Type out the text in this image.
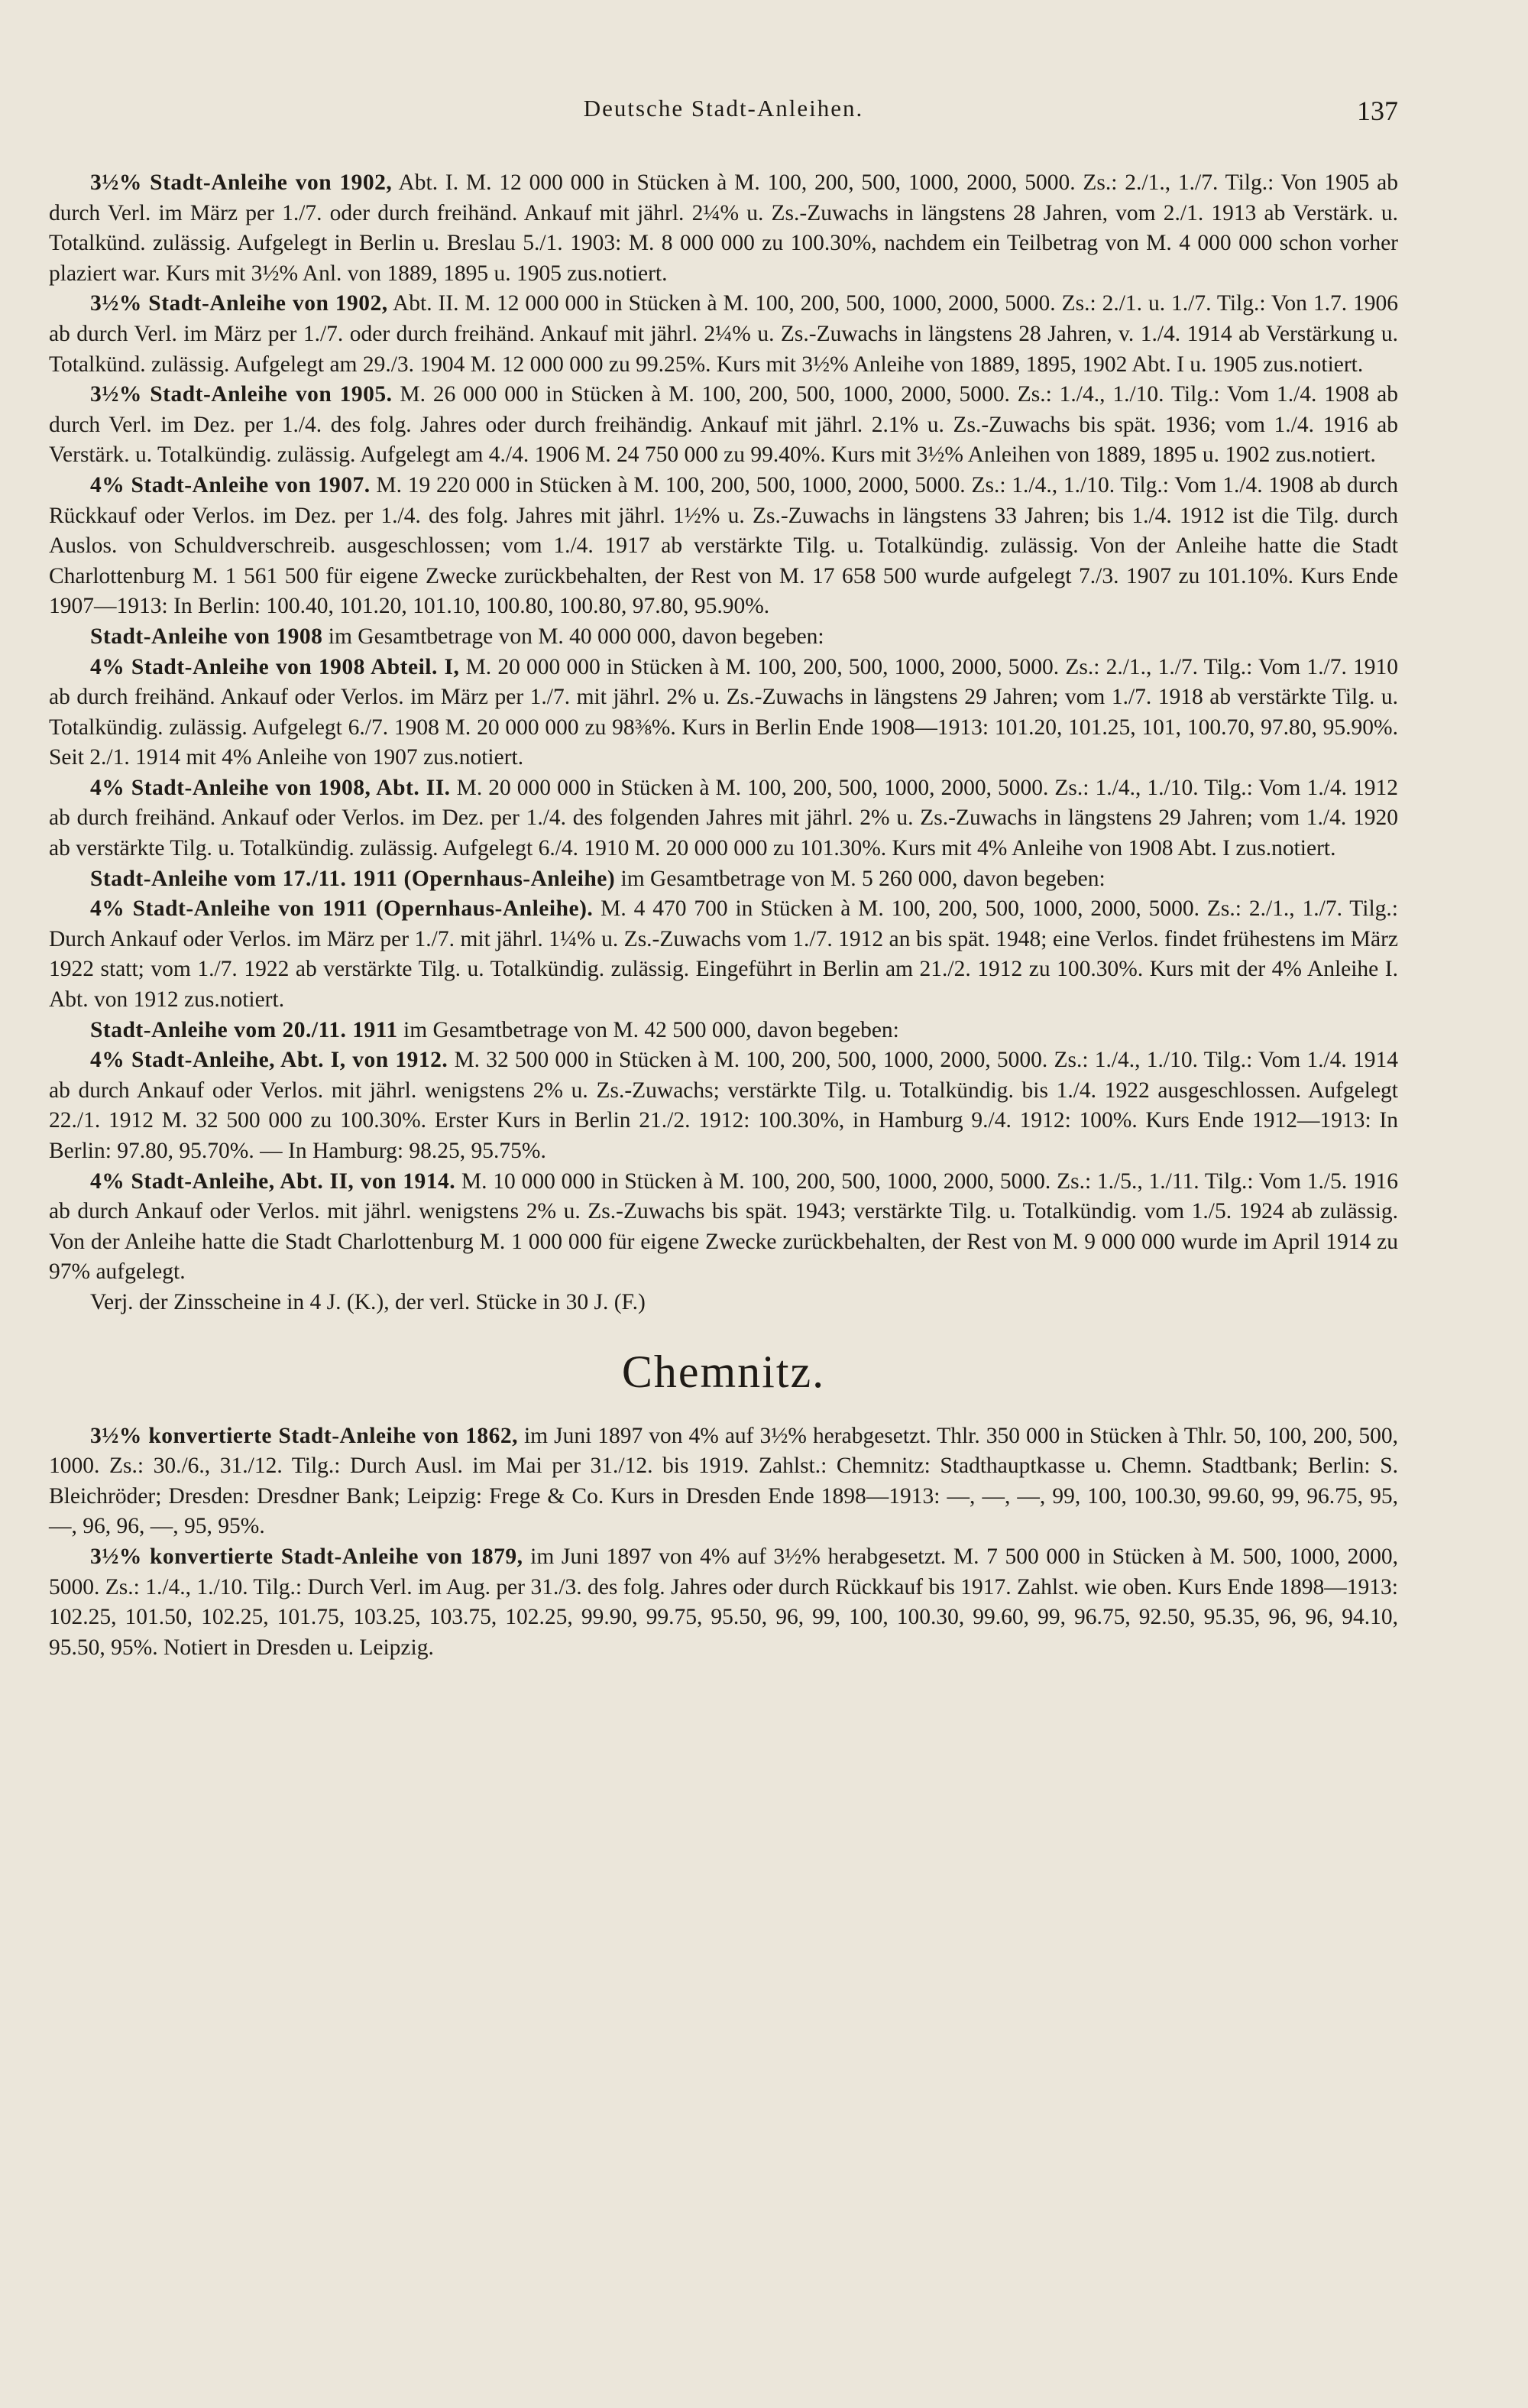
Deutsche Stadt-Anleihen.	137

3½% Stadt-Anleihe von 1902, Abt. I. M. 12 000 000 in Stücken à M. 100, 200, 500, 1000, 2000, 5000. Zs.: 2./1., 1./7. Tilg.: Von 1905 ab durch Verl. im März per 1./7. oder durch freihänd. Ankauf mit jährl. 2¼% u. Zs.-Zuwachs in längstens 28 Jahren, vom 2./1. 1913 ab Verstärk. u. Totalkünd. zulässig. Aufgelegt in Berlin u. Breslau 5./1. 1903: M. 8 000 000 zu 100.30%, nachdem ein Teilbetrag von M. 4 000 000 schon vorher plaziert war. Kurs mit 3½% Anl. von 1889, 1895 u. 1905 zus.notiert.

3½% Stadt-Anleihe von 1902, Abt. II. M. 12 000 000 in Stücken à M. 100, 200, 500, 1000, 2000, 5000. Zs.: 2./1. u. 1./7. Tilg.: Von 1.7. 1906 ab durch Verl. im März per 1./7. oder durch freihänd. Ankauf mit jährl. 2¼% u. Zs.-Zuwachs in längstens 28 Jahren, v. 1./4. 1914 ab Verstärkung u. Totalkünd. zulässig. Aufgelegt am 29./3. 1904 M. 12 000 000 zu 99.25%. Kurs mit 3½% Anleihe von 1889, 1895, 1902 Abt. I u. 1905 zus.notiert.

3½% Stadt-Anleihe von 1905. M. 26 000 000 in Stücken à M. 100, 200, 500, 1000, 2000, 5000. Zs.: 1./4., 1./10. Tilg.: Vom 1./4. 1908 ab durch Verl. im Dez. per 1./4. des folg. Jahres oder durch freihändig. Ankauf mit jährl. 2.1% u. Zs.-Zuwachs bis spät. 1936; vom 1./4. 1916 ab Verstärk. u. Totalkündig. zulässig. Aufgelegt am 4./4. 1906 M. 24 750 000 zu 99.40%. Kurs mit 3½% Anleihen von 1889, 1895 u. 1902 zus.notiert.

4% Stadt-Anleihe von 1907. M. 19 220 000 in Stücken à M. 100, 200, 500, 1000, 2000, 5000. Zs.: 1./4., 1./10. Tilg.: Vom 1./4. 1908 ab durch Rückkauf oder Verlos. im Dez. per 1./4. des folg. Jahres mit jährl. 1½% u. Zs.-Zuwachs in längstens 33 Jahren; bis 1./4. 1912 ist die Tilg. durch Auslos. von Schuldverschreib. ausgeschlossen; vom 1./4. 1917 ab verstärkte Tilg. u. Totalkündig. zulässig. Von der Anleihe hatte die Stadt Charlottenburg M. 1 561 500 für eigene Zwecke zurückbehalten, der Rest von M. 17 658 500 wurde aufgelegt 7./3. 1907 zu 101.10%. Kurs Ende 1907—1913: In Berlin: 100.40, 101.20, 101.10, 100.80, 100.80, 97.80, 95.90%.

Stadt-Anleihe von 1908 im Gesamtbetrage von M. 40 000 000, davon begeben:

4% Stadt-Anleihe von 1908 Abteil. I, M. 20 000 000 in Stücken à M. 100, 200, 500, 1000, 2000, 5000. Zs.: 2./1., 1./7. Tilg.: Vom 1./7. 1910 ab durch freihänd. Ankauf oder Verlos. im März per 1./7. mit jährl. 2% u. Zs.-Zuwachs in längstens 29 Jahren; vom 1./7. 1918 ab verstärkte Tilg. u. Totalkündig. zulässig. Aufgelegt 6./7. 1908 M. 20 000 000 zu 98⅜%. Kurs in Berlin Ende 1908—1913: 101.20, 101.25, 101, 100.70, 97.80, 95.90%. Seit 2./1. 1914 mit 4% Anleihe von 1907 zus.notiert.

4% Stadt-Anleihe von 1908, Abt. II. M. 20 000 000 in Stücken à M. 100, 200, 500, 1000, 2000, 5000. Zs.: 1./4., 1./10. Tilg.: Vom 1./4. 1912 ab durch freihänd. Ankauf oder Verlos. im Dez. per 1./4. des folgenden Jahres mit jährl. 2% u. Zs.-Zuwachs in längstens 29 Jahren; vom 1./4. 1920 ab verstärkte Tilg. u. Totalkündig. zulässig. Aufgelegt 6./4. 1910 M. 20 000 000 zu 101.30%. Kurs mit 4% Anleihe von 1908 Abt. I zus.notiert.

Stadt-Anleihe vom 17./11. 1911 (Opernhaus-Anleihe) im Gesamtbetrage von M. 5 260 000, davon begeben:

4% Stadt-Anleihe von 1911 (Opernhaus-Anleihe). M. 4 470 700 in Stücken à M. 100, 200, 500, 1000, 2000, 5000. Zs.: 2./1., 1./7. Tilg.: Durch Ankauf oder Verlos. im März per 1./7. mit jährl. 1¼% u. Zs.-Zuwachs vom 1./7. 1912 an bis spät. 1948; eine Verlos. findet frühestens im März 1922 statt; vom 1./7. 1922 ab verstärkte Tilg. u. Totalkündig. zulässig. Eingeführt in Berlin am 21./2. 1912 zu 100.30%. Kurs mit der 4% Anleihe I. Abt. von 1912 zus.notiert.

Stadt-Anleihe vom 20./11. 1911 im Gesamtbetrage von M. 42 500 000, davon begeben:

4% Stadt-Anleihe, Abt. I, von 1912. M. 32 500 000 in Stücken à M. 100, 200, 500, 1000, 2000, 5000. Zs.: 1./4., 1./10. Tilg.: Vom 1./4. 1914 ab durch Ankauf oder Verlos. mit jährl. wenigstens 2% u. Zs.-Zuwachs; verstärkte Tilg. u. Totalkündig. bis 1./4. 1922 ausgeschlossen. Aufgelegt 22./1. 1912 M. 32 500 000 zu 100.30%. Erster Kurs in Berlin 21./2. 1912: 100.30%, in Hamburg 9./4. 1912: 100%. Kurs Ende 1912—1913: In Berlin: 97.80, 95.70%. — In Hamburg: 98.25, 95.75%.

4% Stadt-Anleihe, Abt. II, von 1914. M. 10 000 000 in Stücken à M. 100, 200, 500, 1000, 2000, 5000. Zs.: 1./5., 1./11. Tilg.: Vom 1./5. 1916 ab durch Ankauf oder Verlos. mit jährl. wenigstens 2% u. Zs.-Zuwachs bis spät. 1943; verstärkte Tilg. u. Totalkündig. vom 1./5. 1924 ab zulässig. Von der Anleihe hatte die Stadt Charlottenburg M. 1 000 000 für eigene Zwecke zurückbehalten, der Rest von M. 9 000 000 wurde im April 1914 zu 97% aufgelegt.

Verj. der Zinsscheine in 4 J. (K.), der verl. Stücke in 30 J. (F.)

Chemnitz.

3½% konvertierte Stadt-Anleihe von 1862, im Juni 1897 von 4% auf 3½% herabgesetzt. Thlr. 350 000 in Stücken à Thlr. 50, 100, 200, 500, 1000. Zs.: 30./6., 31./12. Tilg.: Durch Ausl. im Mai per 31./12. bis 1919. Zahlst.: Chemnitz: Stadthauptkasse u. Chemn. Stadtbank; Berlin: S. Bleichröder; Dresden: Dresdner Bank; Leipzig: Frege & Co. Kurs in Dresden Ende 1898—1913: —, —, —, 99, 100, 100.30, 99.60, 99, 96.75, 95, —, 96, 96, —, 95, 95%.

3½% konvertierte Stadt-Anleihe von 1879, im Juni 1897 von 4% auf 3½% herabgesetzt. M. 7 500 000 in Stücken à M. 500, 1000, 2000, 5000. Zs.: 1./4., 1./10. Tilg.: Durch Verl. im Aug. per 31./3. des folg. Jahres oder durch Rückkauf bis 1917. Zahlst. wie oben. Kurs Ende 1898—1913: 102.25, 101.50, 102.25, 101.75, 103.25, 103.75, 102.25, 99.90, 99.75, 95.50, 96, 99, 100, 100.30, 99.60, 99, 96.75, 92.50, 95.35, 96, 96, 94.10, 95.50, 95%. Notiert in Dresden u. Leipzig.
